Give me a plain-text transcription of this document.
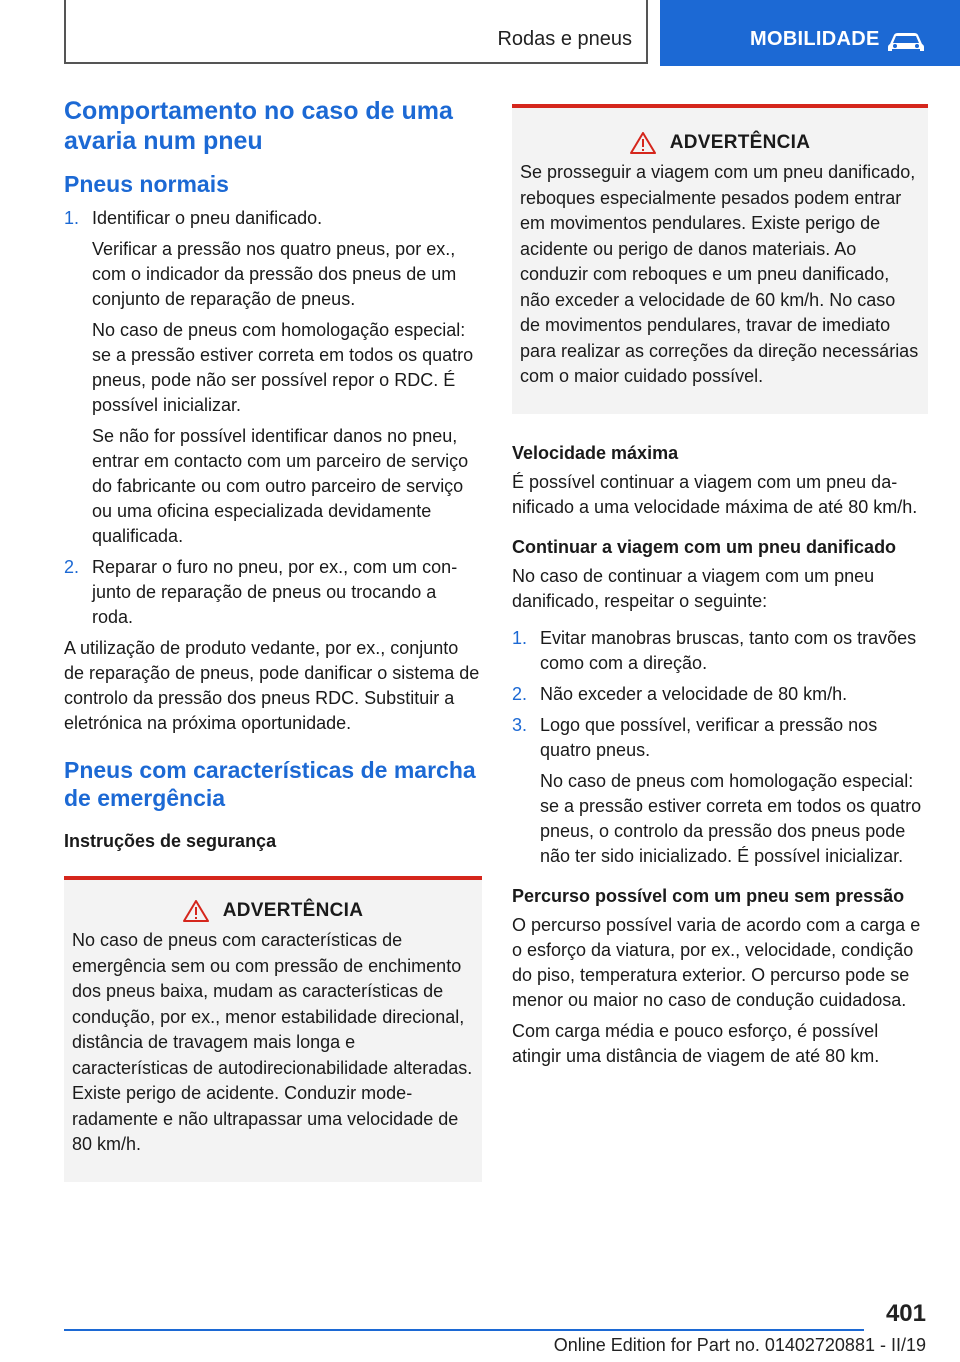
Rodas e pneus	MOBILIDADE
Comportamento no caso de uma avaria num pneu
Pneus normais
1. Identificar o pneu danificado.

Verificar a pressão nos quatro pneus, por ex., com o indicador da pressão dos pneus de um conjunto de reparação de pneus.

No caso de pneus com homologação especial: se a pressão estiver correta em todos os quatro pneus, pode não ser possível repor o RDC. É possível inicializar.

Se não for possível identificar danos no pneu, entrar em contacto com um parceiro de serviço do fabricante ou com outro parceiro de serviço ou uma oficina especializada devidamente qualificada.

2. Reparar o furo no pneu, por ex., com um conjunto de reparação de pneus ou trocando a roda.

A utilização de produto vedante, por ex., conjunto de reparação de pneus, pode danificar o sistema de controlo da pressão dos pneus RDC. Substituir a eletrónica na próxima oportunidade.

Pneus com características de marcha de emergência
Instruções de segurança
ADVERTÊNCIA

No caso de pneus com características de emergência sem ou com pressão de enchimento dos pneus baixa, mudam as características de condução, por ex., menor estabilidade direcional, distância de travagem mais longa e características de autodirecionabilidade alteradas. Existe perigo de acidente. Conduzir moderadamente e não ultrapassar uma velocidade de 80 km/h.

ADVERTÊNCIA

Se prosseguir a viagem com um pneu danificado, reboques especialmente pesados podem entrar em movimentos pendulares. Existe perigo de acidente ou perigo de danos materiais. Ao conduzir com reboques e um pneu danificado, não exceder a velocidade de 60 km/h. No caso de movimentos pendulares, travar de imediato para realizar as correções da direção necessárias com o maior cuidado possível.

Velocidade máxima

É possível continuar a viagem com um pneu danificado a uma velocidade máxima de até 80 km/h.

Continuar a viagem com um pneu danificado

No caso de continuar a viagem com um pneu danificado, respeitar o seguinte:

1. Evitar manobras bruscas, tanto com os travões como com a direção.

2. Não exceder a velocidade de 80 km/h.

3. Logo que possível, verificar a pressão nos quatro pneus.

No caso de pneus com homologação especial: se a pressão estiver correta em todos os quatro pneus, o controlo da pressão dos pneus pode não ter sido inicializado. É possível inicializar.

Percurso possível com um pneu sem pressão

O percurso possível varia de acordo com a carga e o esforço da viatura, por ex., velocidade, condição do piso, temperatura exterior. O percurso pode se menor ou maior no caso de condução cuidadosa.

Com carga média e pouco esforço, é possível atingir uma distância de viagem de até 80 km.

401
Online Edition for Part no. 01402720881 - II/19
